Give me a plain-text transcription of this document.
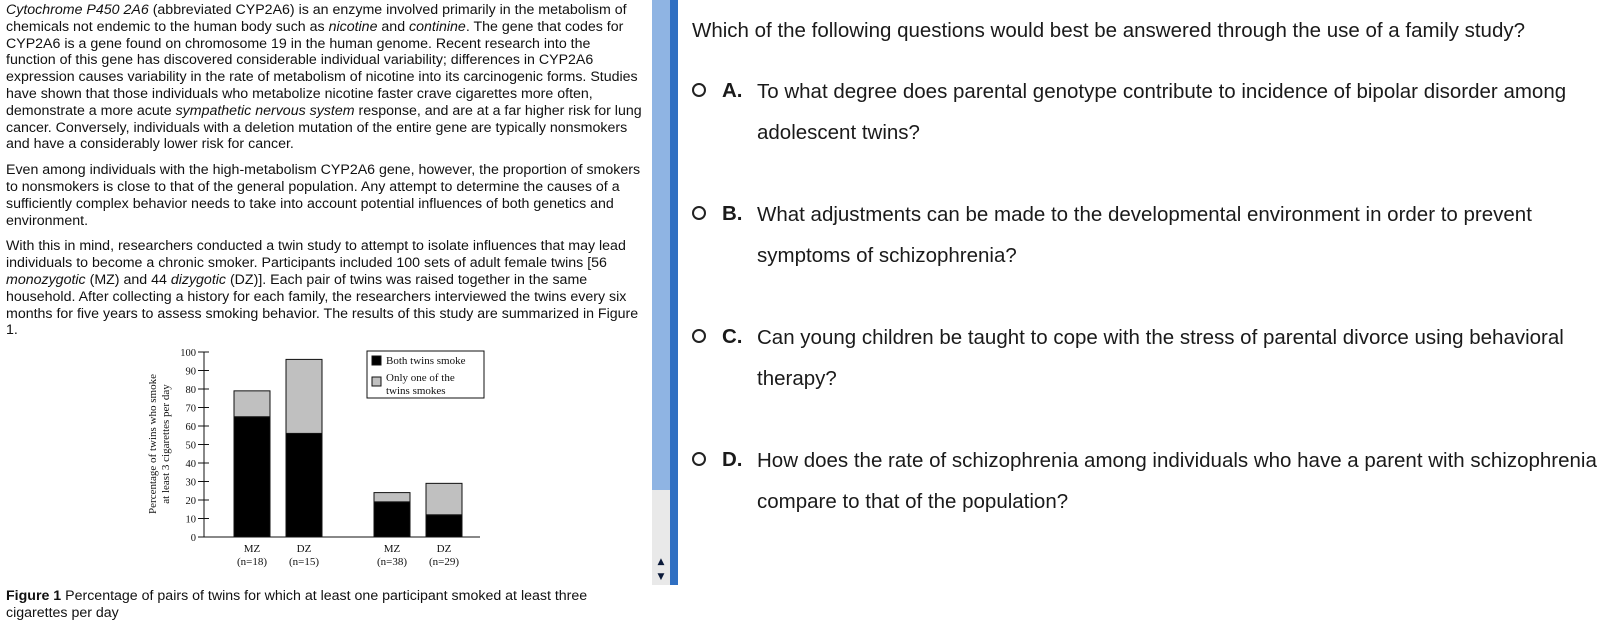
Cytochrome P450 2A6 (abbreviated CYP2A6) is an enzyme involved primarily in the metabolism of chemicals not endemic to the human body such as nicotine and continine. The gene that codes for CYP2A6 is a gene found on chromosome 19 in the human genome. Recent research into the function of this gene has discovered considerable individual variability; differences in CYP2A6 expression causes variability in the rate of metabolism of nicotine into its carcinogenic forms. Studies have shown that those individuals who metabolize nicotine faster crave cigarettes more often, demonstrate a more acute sympathetic nervous system response, and are at a far higher risk for lung cancer. Conversely, individuals with a deletion mutation of the entire gene are typically nonsmokers and have a considerably lower risk for cancer.

Even among individuals with the high-metabolism CYP2A6 gene, however, the proportion of smokers to nonsmokers is close to that of the general population. Any attempt to determine the causes of a sufficiently complex behavior needs to take into account potential influences of both genetics and environment.

With this in mind, researchers conducted a twin study to attempt to isolate influences that may lead individuals to become a chronic smoker. Participants included 100 sets of adult female twins [56 monozygotic (MZ) and 44 dizygotic (DZ)]. Each pair of twins was raised together in the same household. After collecting a history for each family, the researchers interviewed the twins every six months for five years to assess smoking behavior. The results of this study are summarized in Figure 1.

0
10
20
30
40
50
60
70
80
90
100
Percentage of twins who smoke at least 3 cigarettes per day
MZ
(n=18)
DZ
(n=15)
MZ
(n=38)
DZ
(n=29)
Both twins smoke
Only one of the
twins smokes
Figure 1 Percentage of pairs of twins for which at least one participant smoked at least three cigarettes per day
▲
▼
Which of the following questions would best be answered through the use of a family study?
A. To what degree does parental genotype contribute to incidence of bipolar disorder among adolescent twins?
B. What adjustments can be made to the developmental environment in order to prevent symptoms of schizophrenia?
C. Can young children be taught to cope with the stress of parental divorce using behavioral therapy?
D. How does the rate of schizophrenia among individuals who have a parent with schizophrenia compare to that of the population?
